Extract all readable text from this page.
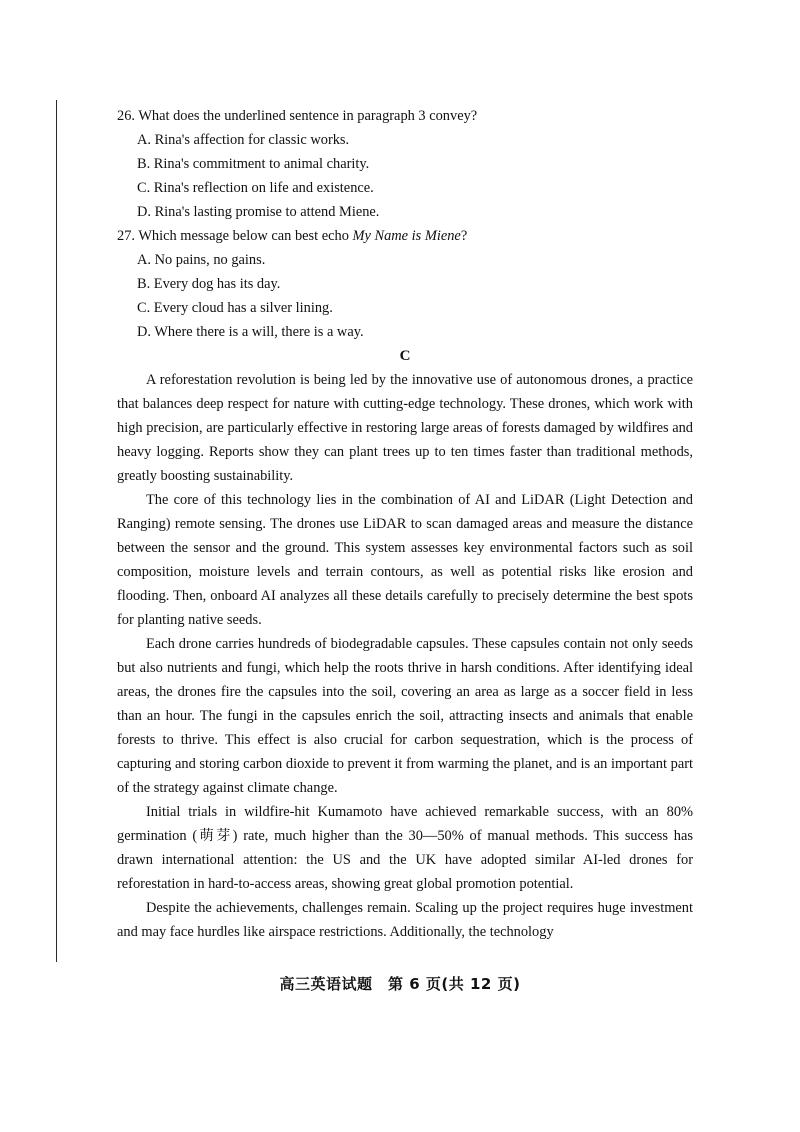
26. What does the underlined sentence in paragraph 3 convey?
A. Rina's affection for classic works.
B. Rina's commitment to animal charity.
C. Rina's reflection on life and existence.
D. Rina's lasting promise to attend Miene.
27. Which message below can best echo My Name is Miene?
A. No pains, no gains.
B. Every dog has its day.
C. Every cloud has a silver lining.
D. Where there is a will, there is a way.
C

A reforestation revolution is being led by the innovative use of autonomous drones, a practice that balances deep respect for nature with cutting-edge technology. These drones, which work with high precision, are particularly effective in restoring large areas of forests damaged by wildfires and heavy logging. Reports show they can plant trees up to ten times faster than traditional methods, greatly boosting sustainability.

The core of this technology lies in the combination of AI and LiDAR (Light Detection and Ranging) remote sensing. The drones use LiDAR to scan damaged areas and measure the distance between the sensor and the ground. This system assesses key environmental factors such as soil composition, moisture levels and terrain contours, as well as potential risks like erosion and flooding. Then, onboard AI analyzes all these details carefully to precisely determine the best spots for planting native seeds.

Each drone carries hundreds of biodegradable capsules. These capsules contain not only seeds but also nutrients and fungi, which help the roots thrive in harsh conditions. After identifying ideal areas, the drones fire the capsules into the soil, covering an area as large as a soccer field in less than an hour. The fungi in the capsules enrich the soil, attracting insects and animals that enable forests to thrive. This effect is also crucial for carbon sequestration, which is the process of capturing and storing carbon dioxide to prevent it from warming the planet, and is an important part of the strategy against climate change.

Initial trials in wildfire-hit Kumamoto have achieved remarkable success, with an 80% germination (萌芽) rate, much higher than the 30—50% of manual methods. This success has drawn international attention: the US and the UK have adopted similar AI-led drones for reforestation in hard-to-access areas, showing great global promotion potential.

Despite the achievements, challenges remain. Scaling up the project requires huge investment and may face hurdles like airspace restrictions. Additionally, the technology

高三英语试题　第 6 页(共 12 页)
